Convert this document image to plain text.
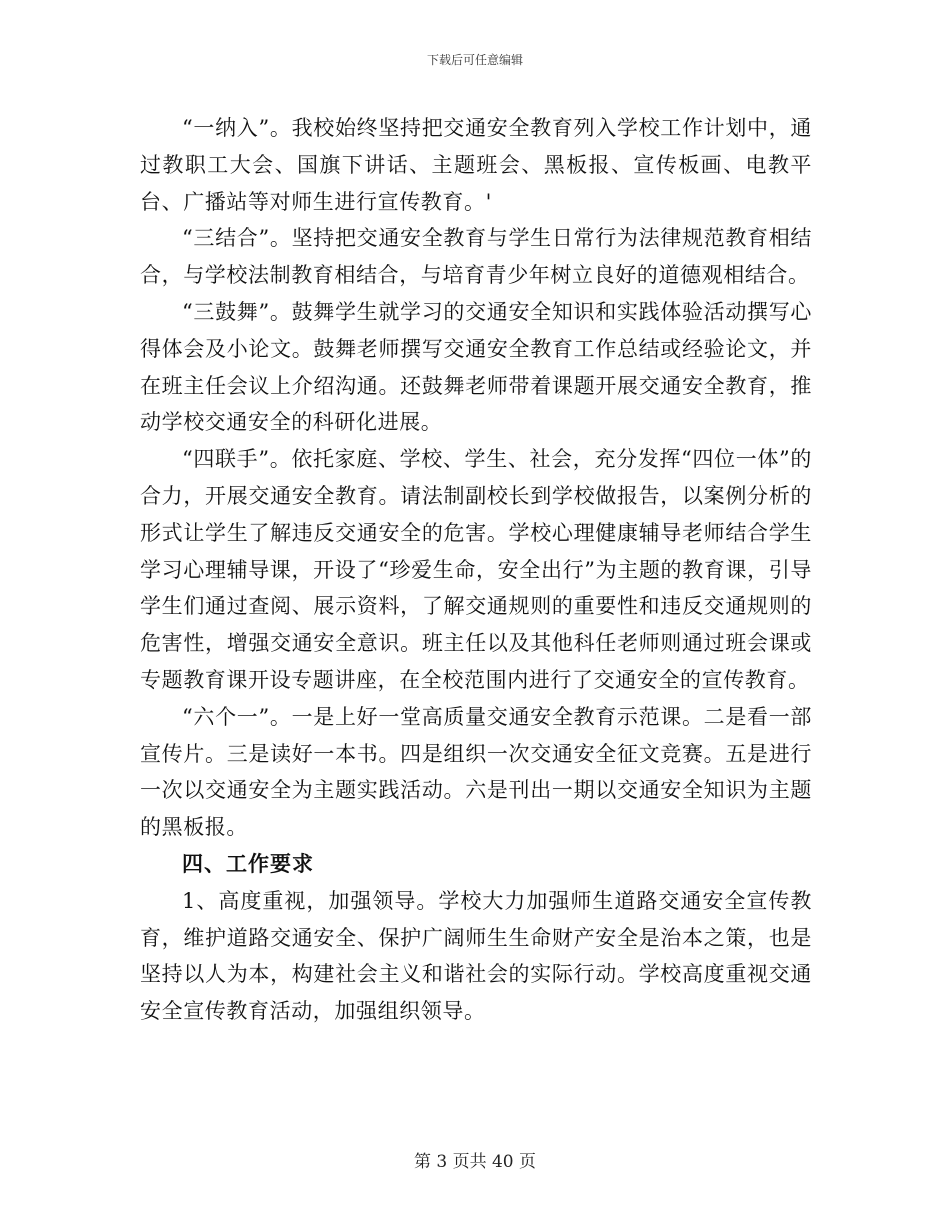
下载后可任意编辑

“一纳入”。我校始终坚持把交通安全教育列入学校工作计划中，通过教职工大会、国旗下讲话、主题班会、黑板报、宣传板画、电教平台、广播站等对师生进行宣传教育。'

“三结合”。坚持把交通安全教育与学生日常行为法律规范教育相结合，与学校法制教育相结合，与培育青少年树立良好的道德观相结合。

“三鼓舞”。鼓舞学生就学习的交通安全知识和实践体验活动撰写心得体会及小论文。鼓舞老师撰写交通安全教育工作总结或经验论文，并在班主任会议上介绍沟通。还鼓舞老师带着课题开展交通安全教育，推动学校交通安全的科研化进展。

“四联手”。依托家庭、学校、学生、社会，充分发挥“四位一体”的合力，开展交通安全教育。请法制副校长到学校做报告，以案例分析的形式让学生了解违反交通安全的危害。学校心理健康辅导老师结合学生学习心理辅导课，开设了“珍爱生命，安全出行”为主题的教育课，引导学生们通过查阅、展示资料，了解交通规则的重要性和违反交通规则的危害性，增强交通安全意识。班主任以及其他科任老师则通过班会课或专题教育课开设专题讲座，在全校范围内进行了交通安全的宣传教育。

“六个一”。一是上好一堂高质量交通安全教育示范课。二是看一部宣传片。三是读好一本书。四是组织一次交通安全征文竞赛。五是进行一次以交通安全为主题实践活动。六是刊出一期以交通安全知识为主题的黑板报。

四、工作要求

1、高度重视，加强领导。学校大力加强师生道路交通安全宣传教育，维护道路交通安全、保护广阔师生生命财产安全是治本之策，也是坚持以人为本，构建社会主义和谐社会的实际行动。学校高度重视交通安全宣传教育活动，加强组织领导。

第 3 页共 40 页
